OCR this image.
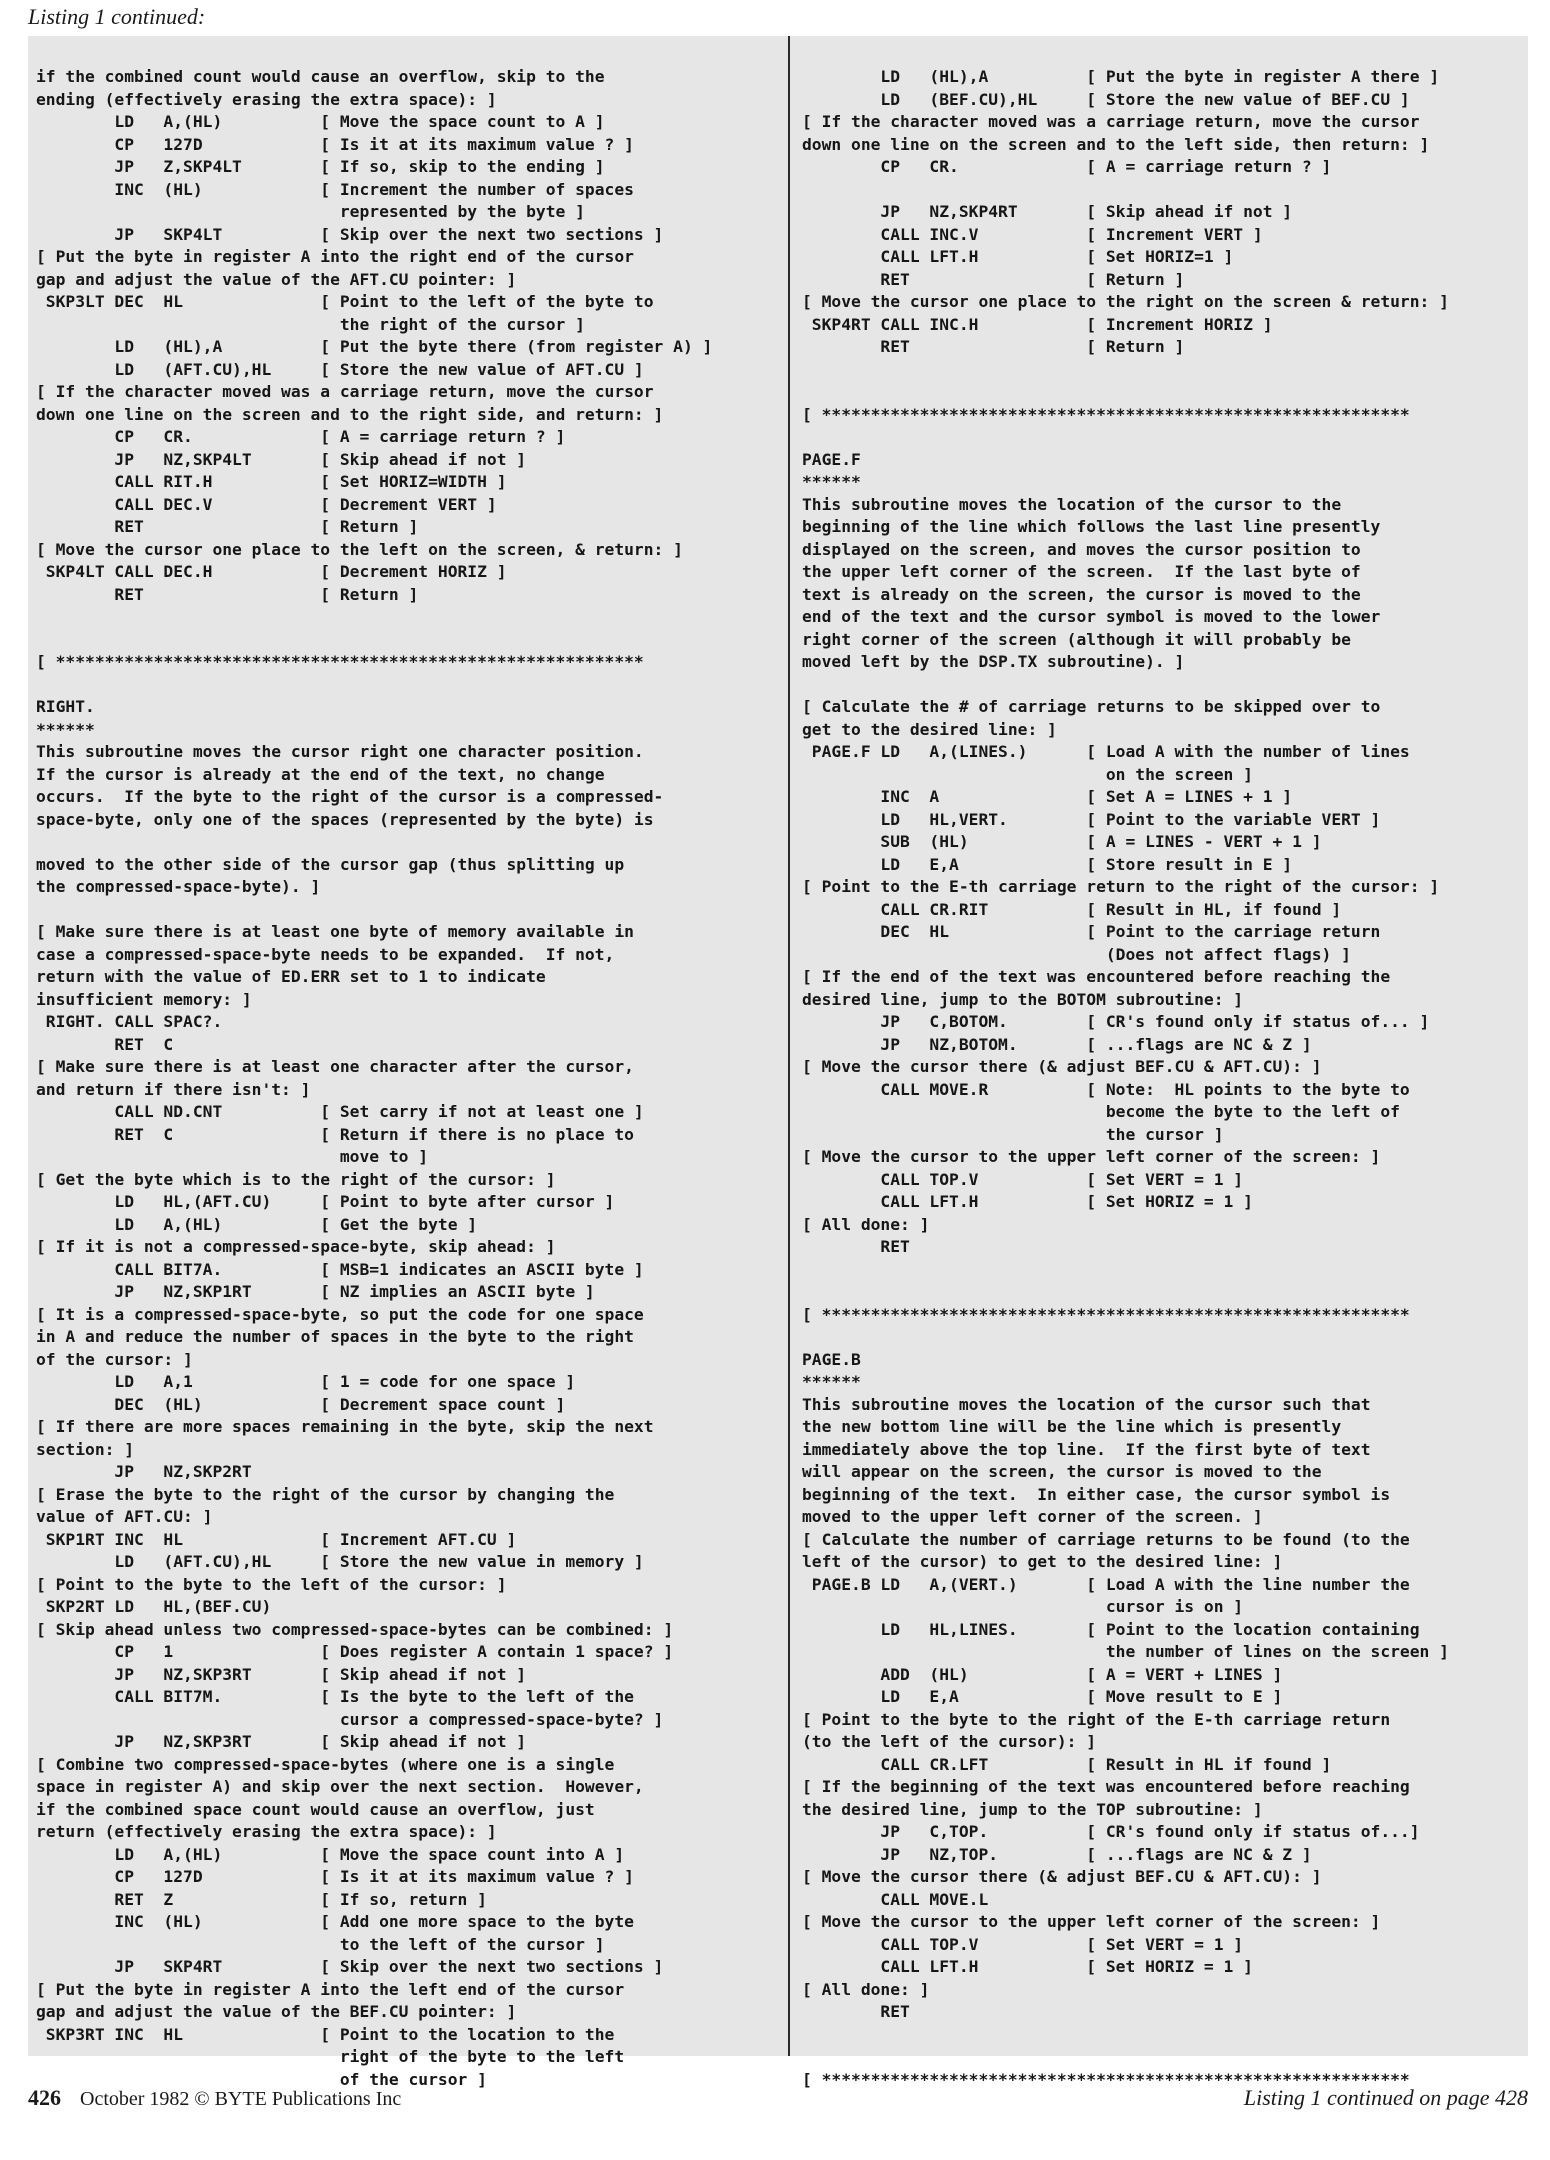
Listing 1 continued:
if the combined count would cause an overflow, skip to the
ending (effectively erasing the extra space): ]
LD   A,(HL)          [ Move the space count to A ]
CP   127D            [ Is it at its maximum value ? ]
JP   Z,SKP4LT        [ If so, skip to the ending ]
INC  (HL)            [ Increment the number of spaces
represented by the byte ]
JP   SKP4LT          [ Skip over the next two sections ]
[ Put the byte in register A into the right end of the cursor
gap and adjust the value of the AFT.CU pointer: ]
SKP3LT DEC  HL              [ Point to the left of the byte to
the right of the cursor ]
LD   (HL),A          [ Put the byte there (from register A) ]
LD   (AFT.CU),HL     [ Store the new value of AFT.CU ]
[ If the character moved was a carriage return, move the cursor
down one line on the screen and to the right side, and return: ]
CP   CR.             [ A = carriage return ? ]
JP   NZ,SKP4LT       [ Skip ahead if not ]
CALL RIT.H           [ Set HORIZ=WIDTH ]
CALL DEC.V           [ Decrement VERT ]
RET                  [ Return ]
[ Move the cursor one place to the left on the screen, & return: ]
SKP4LT CALL DEC.H           [ Decrement HORIZ ]
RET                  [ Return ]

[ ************************************************************

RIGHT.
******
This subroutine moves the cursor right one character position.
If the cursor is already at the end of the text, no change
occurs.  If the byte to the right of the cursor is a compressed-
space-byte, only one of the spaces (represented by the byte) is

moved to the other side of the cursor gap (thus splitting up
the compressed-space-byte). ]

[ Make sure there is at least one byte of memory available in
case a compressed-space-byte needs to be expanded.  If not,
return with the value of ED.ERR set to 1 to indicate
insufficient memory: ]
RIGHT. CALL SPAC?.
RET  C
[ Make sure there is at least one character after the cursor,
and return if there isn't: ]
CALL ND.CNT          [ Set carry if not at least one ]
RET  C               [ Return if there is no place to
move to ]
[ Get the byte which is to the right of the cursor: ]
LD   HL,(AFT.CU)     [ Point to byte after cursor ]
LD   A,(HL)          [ Get the byte ]
[ If it is not a compressed-space-byte, skip ahead: ]
CALL BIT7A.          [ MSB=1 indicates an ASCII byte ]
JP   NZ,SKP1RT       [ NZ implies an ASCII byte ]
[ It is a compressed-space-byte, so put the code for one space
in A and reduce the number of spaces in the byte to the right
of the cursor: ]
LD   A,1             [ 1 = code for one space ]
DEC  (HL)            [ Decrement space count ]
[ If there are more spaces remaining in the byte, skip the next
section: ]
JP   NZ,SKP2RT
[ Erase the byte to the right of the cursor by changing the
value of AFT.CU: ]
SKP1RT INC  HL              [ Increment AFT.CU ]
LD   (AFT.CU),HL     [ Store the new value in memory ]
[ Point to the byte to the left of the cursor: ]
SKP2RT LD   HL,(BEF.CU)
[ Skip ahead unless two compressed-space-bytes can be combined: ]
CP   1               [ Does register A contain 1 space? ]
JP   NZ,SKP3RT       [ Skip ahead if not ]
CALL BIT7M.          [ Is the byte to the left of the
cursor a compressed-space-byte? ]
JP   NZ,SKP3RT       [ Skip ahead if not ]
[ Combine two compressed-space-bytes (where one is a single
space in register A) and skip over the next section.  However,
if the combined space count would cause an overflow, just
return (effectively erasing the extra space): ]
LD   A,(HL)          [ Move the space count into A ]
CP   127D            [ Is it at its maximum value ? ]
RET  Z               [ If so, return ]
INC  (HL)            [ Add one more space to the byte
to the left of the cursor ]
JP   SKP4RT          [ Skip over the next two sections ]
[ Put the byte in register A into the left end of the cursor
gap and adjust the value of the BEF.CU pointer: ]
SKP3RT INC  HL              [ Point to the location to the
right of the byte to the left
of the cursor ]

LD   (HL),A          [ Put the byte in register A there ]
LD   (BEF.CU),HL     [ Store the new value of BEF.CU ]
[ If the character moved was a carriage return, move the cursor
down one line on the screen and to the left side, then return: ]
CP   CR.             [ A = carriage return ? ]

JP   NZ,SKP4RT       [ Skip ahead if not ]
CALL INC.V           [ Increment VERT ]
CALL LFT.H           [ Set HORIZ=1 ]
RET                  [ Return ]
[ Move the cursor one place to the right on the screen & return: ]
SKP4RT CALL INC.H           [ Increment HORIZ ]
RET                  [ Return ]

[ ************************************************************

PAGE.F
******
This subroutine moves the location of the cursor to the
beginning of the line which follows the last line presently
displayed on the screen, and moves the cursor position to
the upper left corner of the screen.  If the last byte of
text is already on the screen, the cursor is moved to the
end of the text and the cursor symbol is moved to the lower
right corner of the screen (although it will probably be
moved left by the DSP.TX subroutine). ]

[ Calculate the # of carriage returns to be skipped over to
get to the desired line: ]
PAGE.F LD   A,(LINES.)      [ Load A with the number of lines
on the screen ]
INC  A               [ Set A = LINES + 1 ]
LD   HL,VERT.        [ Point to the variable VERT ]
SUB  (HL)            [ A = LINES - VERT + 1 ]
LD   E,A             [ Store result in E ]
[ Point to the E-th carriage return to the right of the cursor: ]
CALL CR.RIT          [ Result in HL, if found ]
DEC  HL              [ Point to the carriage return
(Does not affect flags) ]
[ If the end of the text was encountered before reaching the
desired line, jump to the BOTOM subroutine: ]
JP   C,BOTOM.        [ CR's found only if status of... ]
JP   NZ,BOTOM.       [ ...flags are NC & Z ]
[ Move the cursor there (& adjust BEF.CU & AFT.CU): ]
CALL MOVE.R          [ Note:  HL points to the byte to
become the byte to the left of
the cursor ]
[ Move the cursor to the upper left corner of the screen: ]
CALL TOP.V           [ Set VERT = 1 ]
CALL LFT.H           [ Set HORIZ = 1 ]
[ All done: ]
RET

[ ************************************************************

PAGE.B
******
This subroutine moves the location of the cursor such that
the new bottom line will be the line which is presently
immediately above the top line.  If the first byte of text
will appear on the screen, the cursor is moved to the
beginning of the text.  In either case, the cursor symbol is
moved to the upper left corner of the screen. ]
[ Calculate the number of carriage returns to be found (to the
left of the cursor) to get to the desired line: ]
PAGE.B LD   A,(VERT.)       [ Load A with the line number the
cursor is on ]
LD   HL,LINES.       [ Point to the location containing
the number of lines on the screen ]
ADD  (HL)            [ A = VERT + LINES ]
LD   E,A             [ Move result to E ]
[ Point to the byte to the right of the E-th carriage return
(to the left of the cursor): ]
CALL CR.LFT          [ Result in HL if found ]
[ If the beginning of the text was encountered before reaching
the desired line, jump to the TOP subroutine: ]
JP   C,TOP.          [ CR's found only if status of...]
JP   NZ,TOP.         [ ...flags are NC & Z ]
[ Move the cursor there (& adjust BEF.CU & AFT.CU): ]
CALL MOVE.L
[ Move the cursor to the upper left corner of the screen: ]
CALL TOP.V           [ Set VERT = 1 ]
CALL LFT.H           [ Set HORIZ = 1 ]
[ All done: ]
RET

[ ************************************************************

426 October 1982 © BYTE Publications Inc	Listing 1 continued on page 428
